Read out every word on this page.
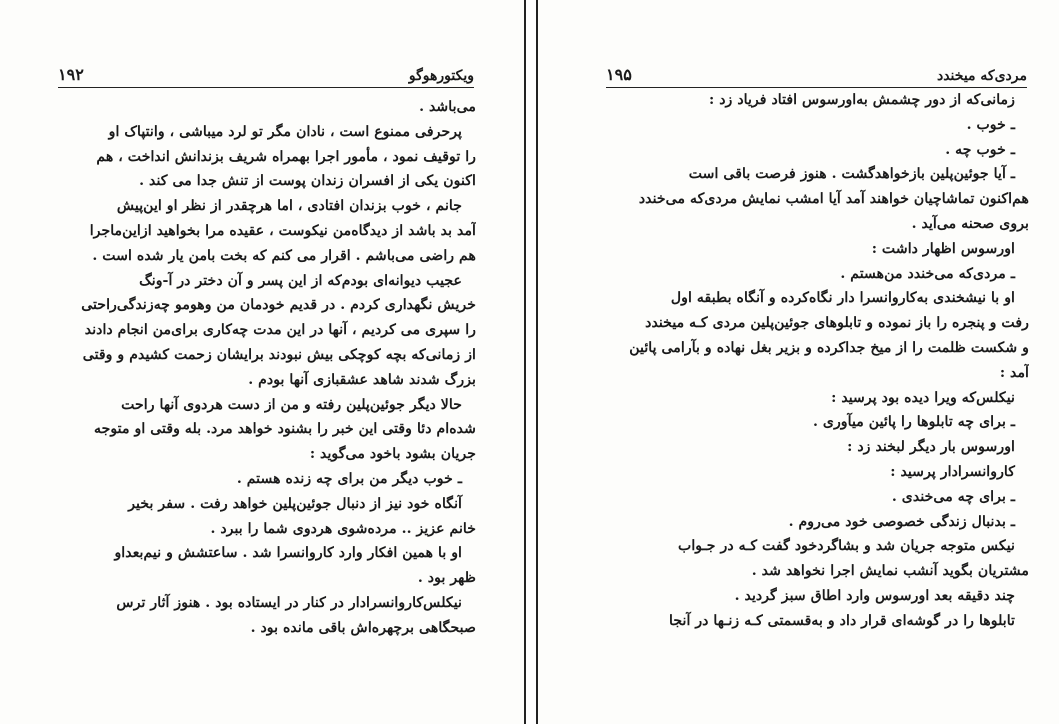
۱۹۲	ویکتورهوگو
می‌باشد .
پرحرفی ممنوع است ، نادان مگر تو لرد میباشی ، وانتپاک او
را توقیف نمود ، مأمور اجرا بهمراه شریف بزندانش انداخت ، هم
اکنون یکی از افسران زندان پوست از تنش جدا می کند .
جانم ، خوب بزندان افتادی ، اما هرچقدر از نظر او این‌پیش
آمد بد باشد از دیدگاه‌من نیکوست ، عقیده مرا بخواهید ازاین‌ماجرا
هم راضی می‌باشم . اقرار می کنم که بخت بامن یار شده است .
عجیب دیوانه‌ای بودم‌که از این پسر و آن دختر در آ‑ونگ
خریش نگهداری کردم . در قدیم خودمان من وهومو چه‌زندگی‌راحتی
را سپری می کردیم ، آنها در این مدت چه‌کاری برای‌من انجام دادند
از زمانی‌که بچه کوچکی بیش نبودند برایشان زحمت کشیدم و وقتی
بزرگ شدند شاهد عشقبازی آنها بودم .
حالا دیگر جوئین‌پلین رفته و من از دست هردوی آنها راحت
شده‌ام دئا وقتی این خبر را بشنود خواهد مرد. بله وقتی او متوجه
جریان بشود باخود می‌گوید :
ـ خوب دیگر من برای چه زنده هستم .
آنگاه خود نیز از دنبال جوئین‌پلین خواهد رفت . سفر بخیر
خانم عزیز .. مرده‌شوی هردوی شما را ببرد .
او با همین افکار وارد کاروانسرا شد . ساعتشش و نیم‌بعداو
ظهر بود .
نیکلس‌کاروانسرادار در کنار در ایستاده بود . هنوز آثار ترس
صبحگاهی برچهره‌اش باقی مانده بود .
۱۹۵	مردی‌که میخندد
زمانی‌که از دور چشمش به‌اورسوس افتاد فریاد زد :
ـ خوب .
ـ خوب چه .
ـ آیا جوئین‌پلین بازخواهدگشت . هنوز فرصت باقی است
هم‌اکنون تماشاچیان خواهند آمد آیا امشب نمایش مردی‌که می‌خندد
بروی صحنه می‌آید .
اورسوس اظهار داشت :
ـ مردی‌که می‌خندد من‌هستم .
او با نیشخندی به‌کاروانسرا دار نگاه‌کرده و آنگاه بطبقه اول
رفت و پنجره را باز نموده و تابلوهای جوئین‌پلین مردی کـه میخندد
و شکست ظلمت را از میخ جداکرده و بزیر بغل نهاده و بآرامی پائین
آمد :
نیکلس‌که ویرا دیده بود پرسید :
ـ برای چه تابلوها را پائین میآوری .
اورسوس بار دیگر لبخند زد :
کاروانسرادار پرسید :
ـ برای چه می‌خندی .
ـ بدنبال زندگی خصوصی خود می‌روم .
نیکس متوجه جریان شد و بشاگردخود گفت کـه در جـواب
مشتریان بگوید آنشب نمایش اجرا نخواهد شد .
چند دقیقه بعد اورسوس وارد اطاق سبز گردید .
تابلوها را در گوشه‌ای قرار داد و به‌قسمتی کـه زنـها در آنجا
